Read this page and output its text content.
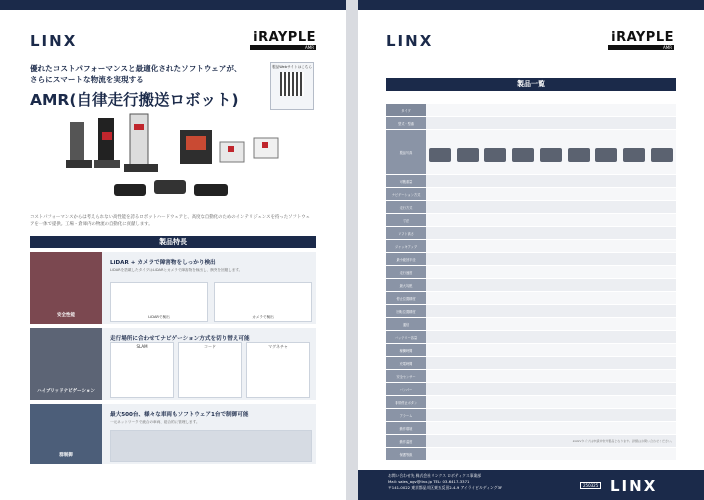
LINX	iRAYPLE
AMR
優れたコストパフォーマンスと最適化されたソフトウェアが、
さらにスマートな物流を実現する
AMR(自律走行搬送ロボット)
製品Webサイトはこちら
コストパフォーマンスからは考えられない高性能を誇るロボットハードウェアと、高度な自動化のためのインテリジェンスを持ったソフトウェアを一体で提供。工場・倉庫内の物流の自動化に貢献します。
製品特長
安全性能
LiDAR + カメラで障害物をしっかり検出
LiDARを搭載したタイプはLiDARとカメラで障害物を検出し、衝突を回避します。
LiDARで検出	カメラで検出
ハイブリッドナビゲーション
走行場所に合わせてナビゲーション方式を切り替え可能
SLAM	コード	マグネチャ
群制御
最大500台、様々な車両もソフトウェア1台で制御可能
一元ネットワークで統合の車両、総合的に管理します。
LINX	iRAYPLE
AMR
製品一覧
タイプ									
型式・型番									
製品写真									
可搬重量									
ナビゲーション方式									
走行方式									
寸法									
リフト高さ									
ジャッキアップ									
最小旋回半径									
走行速度									
最大勾配									
停止位置精度									
回転位置精度									
通信									
バッテリー容量									
稼働時間									
充電時間									
安全センサー									
バンパー									
非常停止ボタン									
アラーム									
動作環境									
動作温度									
保護等級									
※AGVタイプは申請対象外製品となります。詳細はお問い合わせください。
お問い合わせ先 株式会社リンクス ロボティクス事業部
Mail: sales_agv@linx.jp TEL: 03-6417-3371
〒141-0022 東京都品川区東五反田2-4-9 アイライビルディング3F	250325 LINX
